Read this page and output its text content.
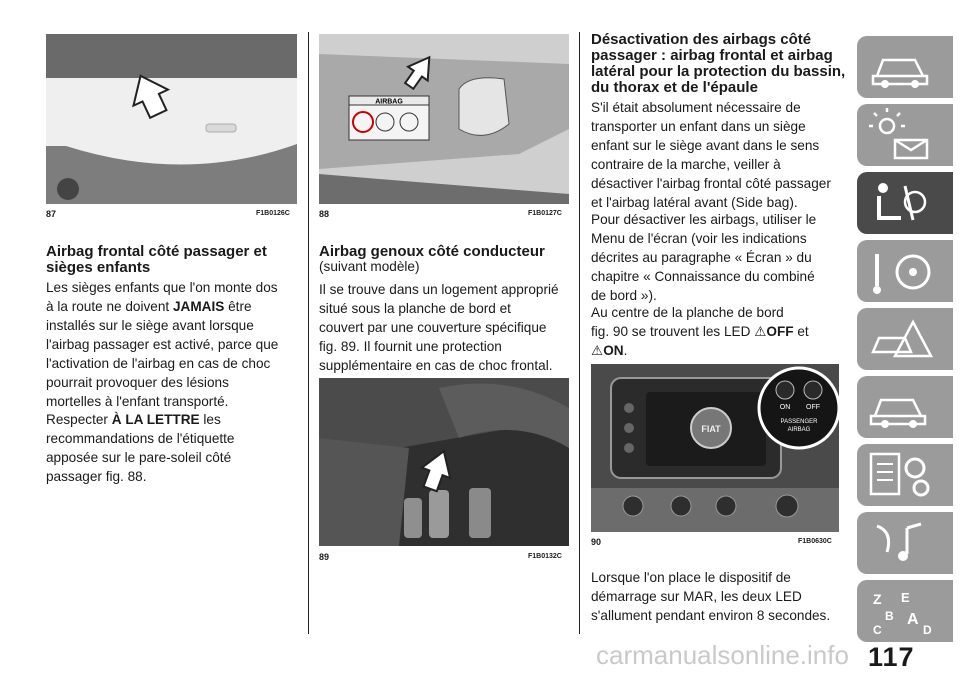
87	F1B0126C
Airbag frontal côté passager et
sièges enfants
Les sièges enfants que l'on monte dos
à la route ne doivent JAMAIS être
installés sur le siège avant lorsque
l'airbag passager est activé, parce que
l'activation de l'airbag en cas de choc
pourrait provoquer des lésions
mortelles à l'enfant transporté.
Respecter À LA LETTRE les
recommandations de l'étiquette
apposée sur le pare-soleil côté
passager fig. 88.
AIRBAG
88	F1B0127C
Airbag genoux côté conducteur
(suivant modèle)
Il se trouve dans un logement approprié
situé sous la planche de bord et
couvert par une couverture spécifique
fig. 89. Il fournit une protection
supplémentaire en cas de choc frontal.
89	F1B0132C
Désactivation des airbags côté
passager : airbag frontal et airbag
latéral pour la protection du bassin,
du thorax et de l'épaule
S'il était absolument nécessaire de
transporter un enfant dans un siège
enfant sur le siège avant dans le sens
contraire de la marche, veiller à
désactiver l'airbag frontal côté passager
et l'airbag latéral avant (Side bag).
Pour désactiver les airbags, utiliser le
Menu de l'écran (voir les indications
décrites au paragraphe « Écran » du
chapitre « Connaissance du combiné
de bord »).
Au centre de la planche de bord
fig. 90 se trouvent les LED ⚠OFF et
⚠ON.
FIAT
ON OFF
PASSENGER
AIRBAG
90	F1B0630C
Lorsque l'on place le dispositif de
démarrage sur MAR, les deux LED
s'allument pendant environ 8 secondes.
Z E
B A
C	D
117
carmanualsonline.info
